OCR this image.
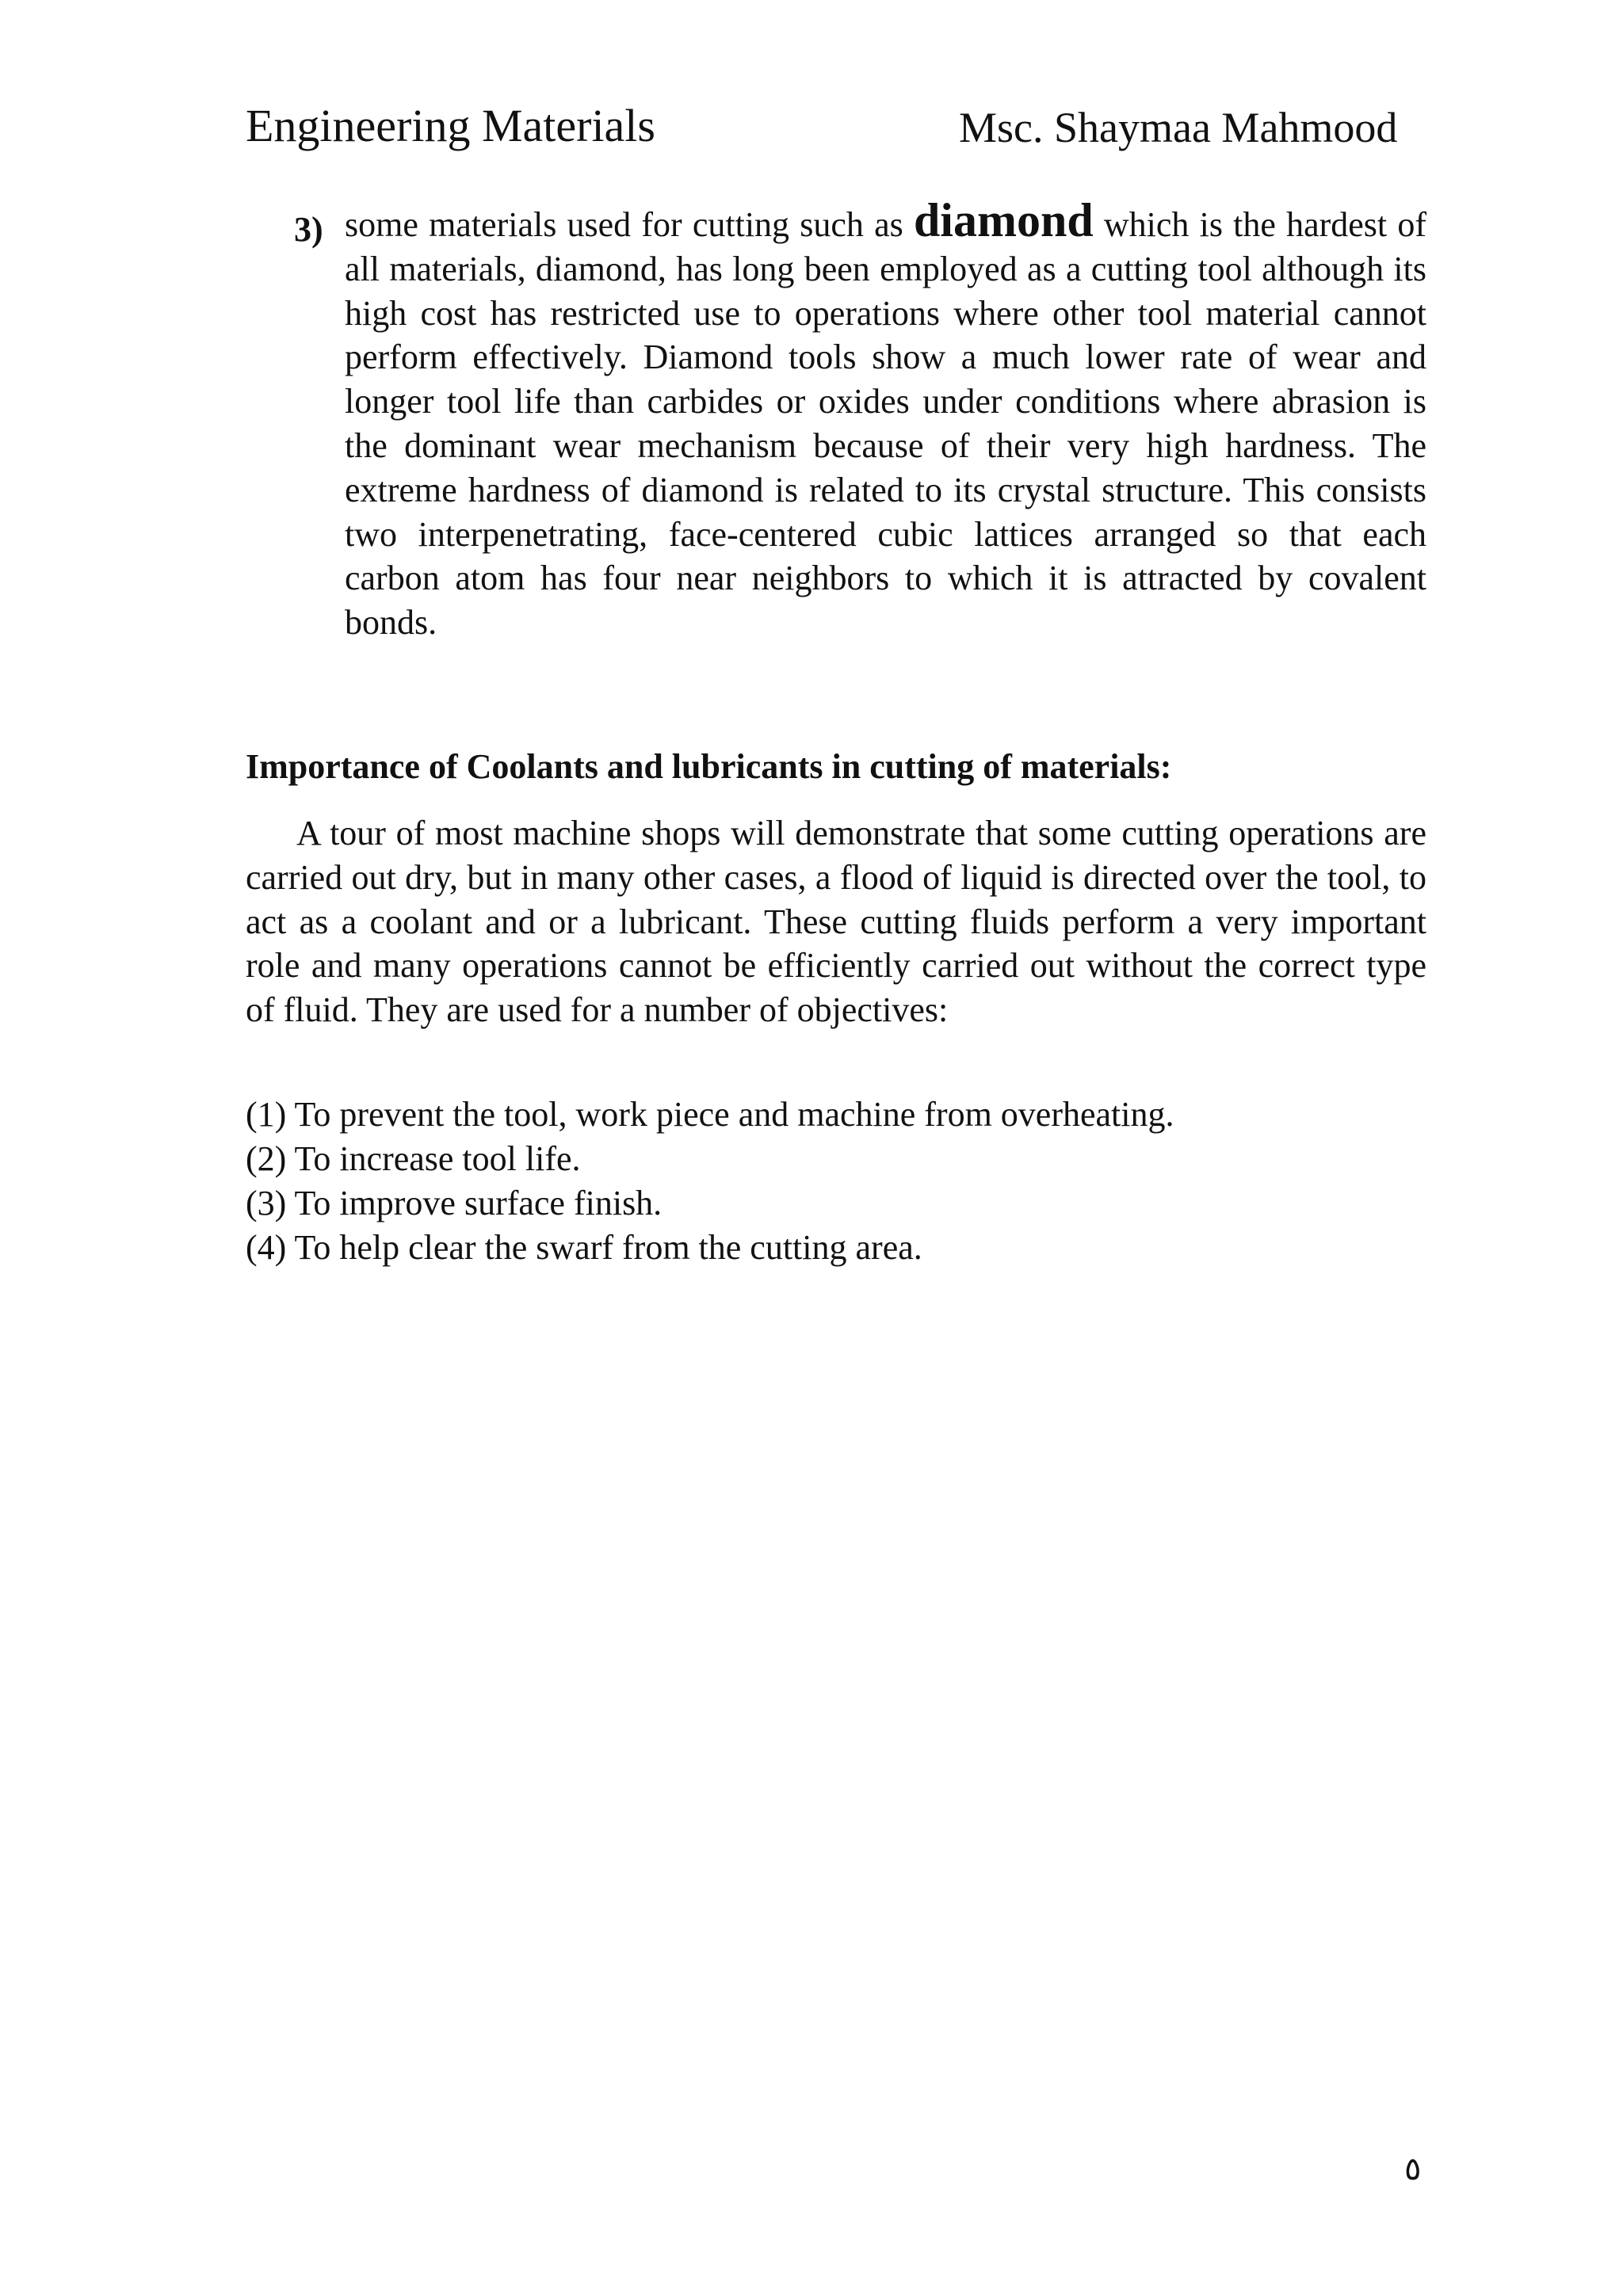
Engineering Materials	Msc. Shaymaa Mahmood
3) some materials used for cutting such as diamond which is the hardest of all materials, diamond, has long been employed as a cutting tool although its high cost has restricted use to operations where other tool material cannot perform effectively. Diamond tools show a much lower rate of wear and longer tool life than carbides or oxides under conditions where abrasion is the dominant wear mechanism because of their very high hardness. The extreme hardness of diamond is related to its crystal structure. This consists two interpenetrating, face-centered cubic lattices arranged so that each carbon atom has four near neighbors to which it is attracted by covalent bonds.
Importance of Coolants and lubricants in cutting of materials:

A tour of most machine shops will demonstrate that some cutting operations are carried out dry, but in many other cases, a flood of liquid is directed over the tool, to act as a coolant and or a lubricant. These cutting fluids perform a very important role and many operations cannot be efficiently carried out without the correct type of fluid. They are used for a number of objectives:

(1) To prevent the tool, work piece and machine from overheating.
(2) To increase tool life.
(3) To improve surface finish.
(4) To help clear the swarf from the cutting area.
٥
